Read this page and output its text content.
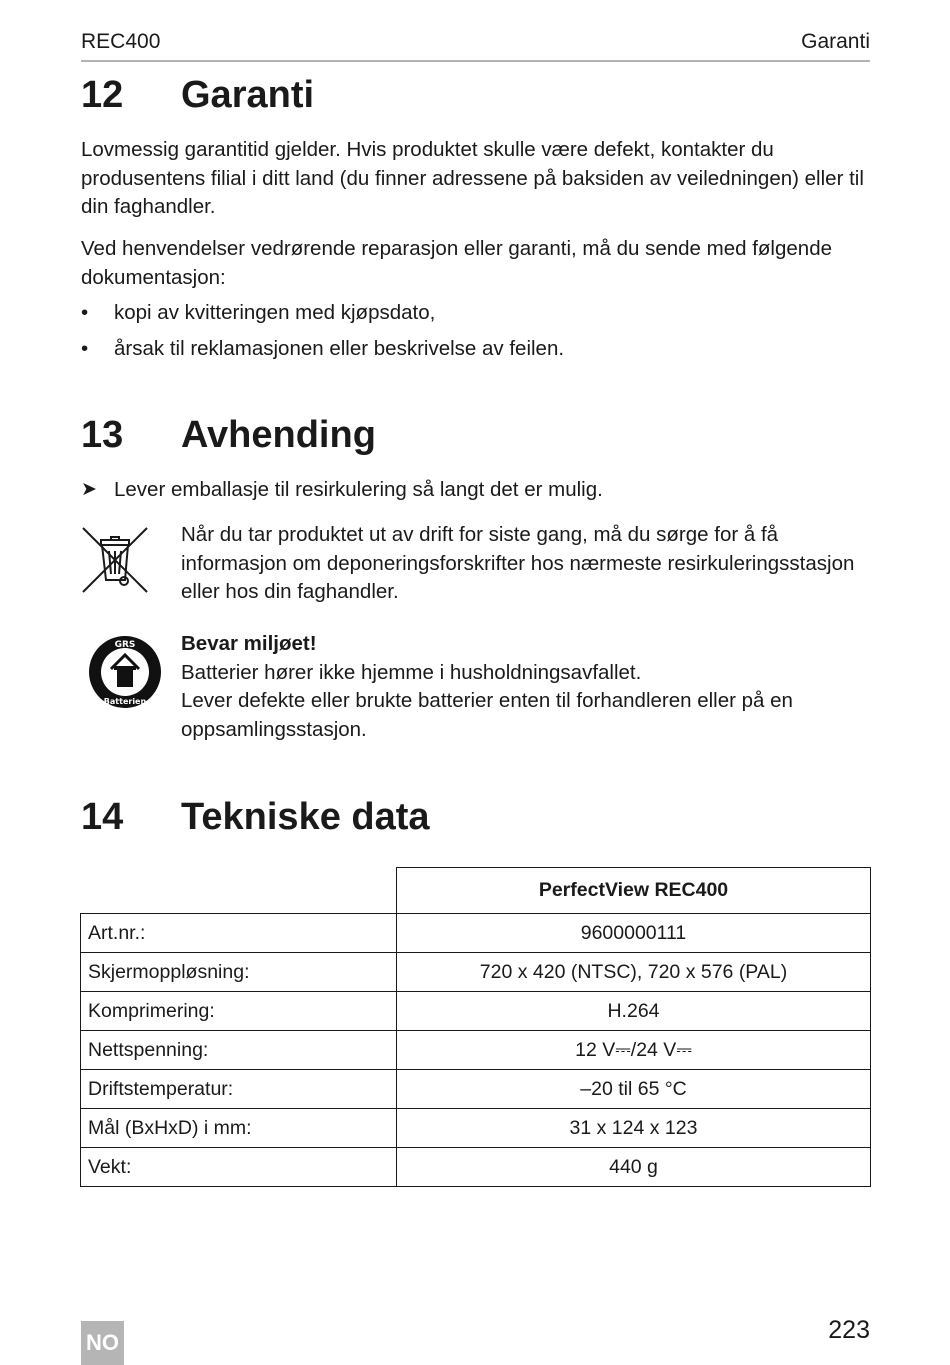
REC400	Garanti
12 Garanti

Lovmessig garantitid gjelder. Hvis produktet skulle være defekt, kontakter du produsentens filial i ditt land (du finner adressene på baksiden av veiledningen) eller til din faghandler.

Ved henvendelser vedrørende reparasjon eller garanti, må du sende med følgende dokumentasjon:

• kopi av kvitteringen med kjøpsdato,
• årsak til reklamasjonen eller beskrivelse av feilen.
13 Avhending
➤ Lever emballasje til resirkulering så langt det er mulig.

Når du tar produktet ut av drift for siste gang, må du sørge for å få informasjon om deponeringsforskrifter hos nærmeste resirkuleringsstasjon eller hos din faghandler.

GRS
Batterien
Bevar miljøet!

Batterier hører ikke hjemme i husholdningsavfallet.

Lever defekte eller brukte batterier enten til forhandleren eller på en oppsamlingsstasjon.

14 Tekniske data
	PerfectView REC400
Art.nr.:	9600000111
Skjermoppløsning:	720 x 420 (NTSC), 720 x 576 (PAL)
Komprimering:	H.264
Nettspenning:	12 V⎓/24 V⎓
Driftstemperatur:	–20 til 65 °C
Mål (BxHxD) i mm:	31 x 124 x 123
Vekt:	440 g
223
NO
